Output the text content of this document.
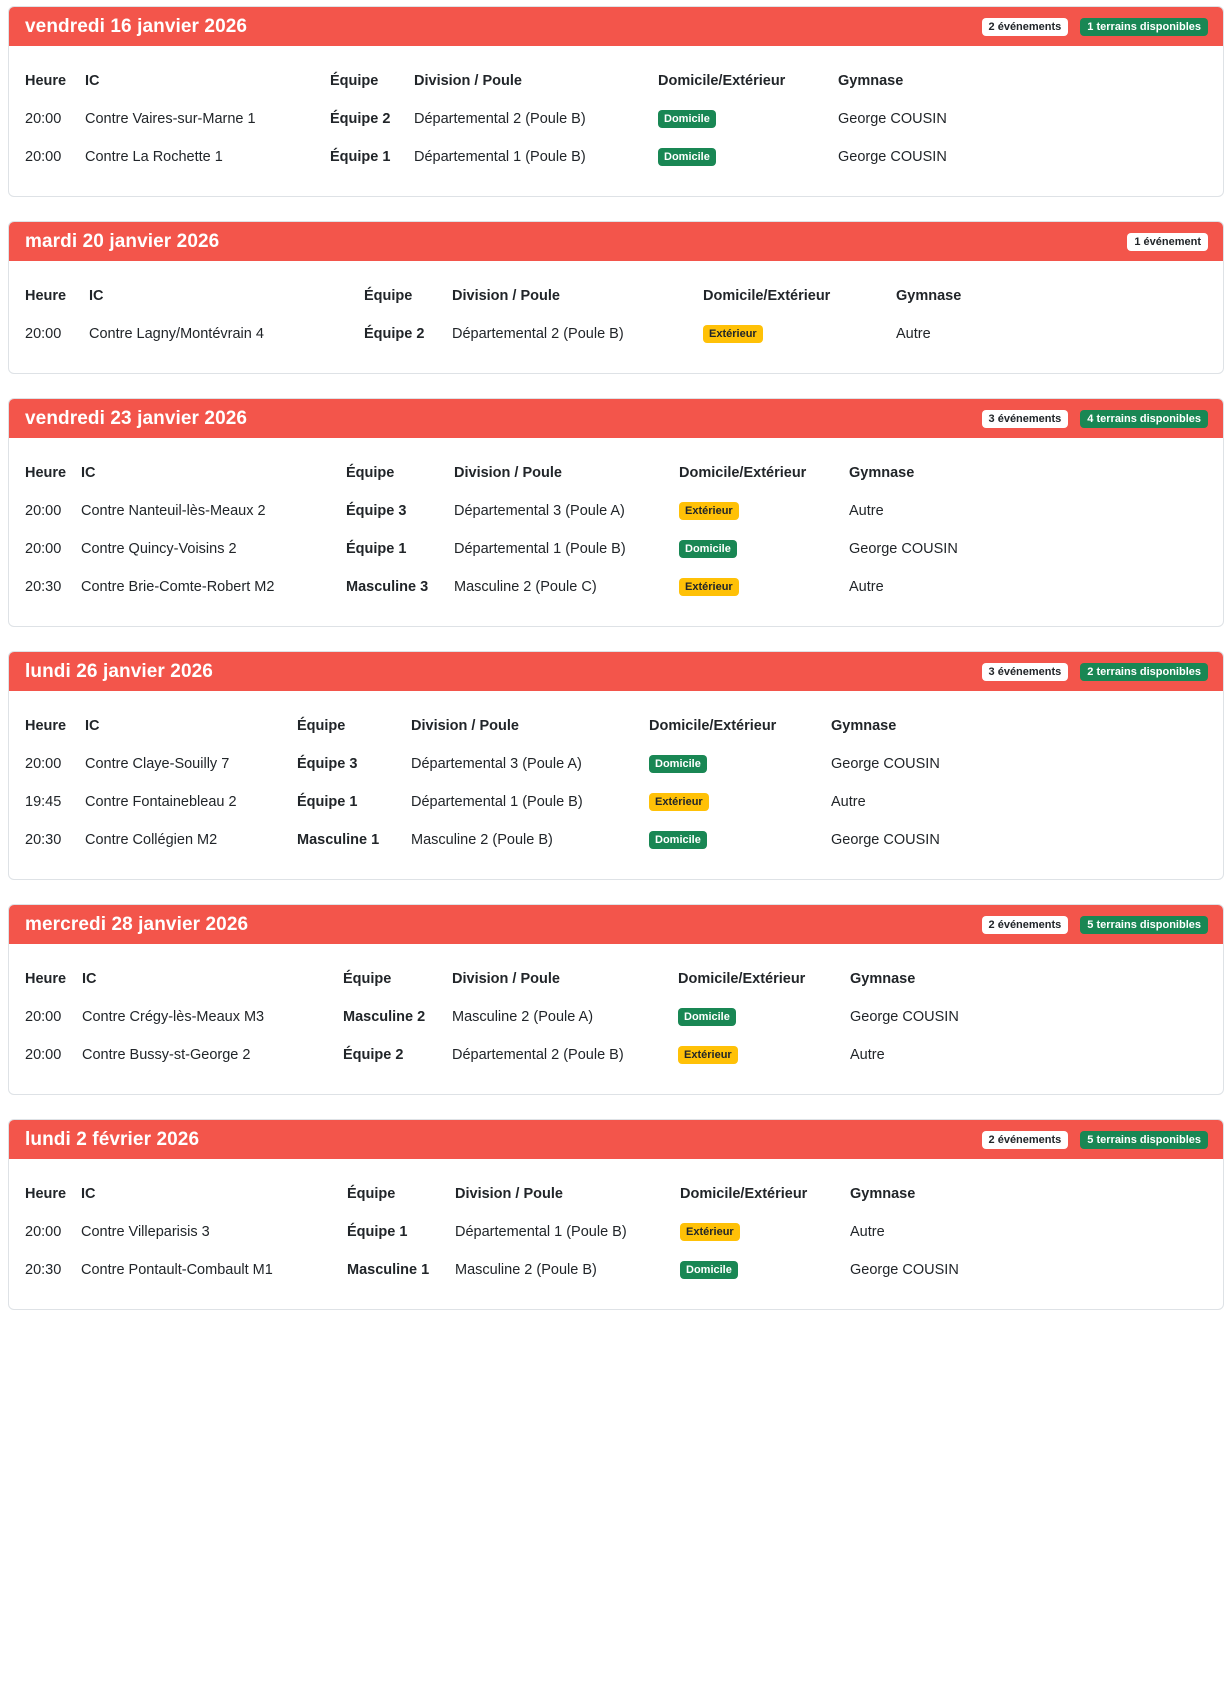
vendredi 16 janvier 2026	2 événements	1 terrains disponibles
Heure	IC	Équipe	Division / Poule	Domicile/Extérieur	Gymnase
20:00	Contre Vaires-sur-Marne 1	Équipe 2	Départemental 2 (Poule B)	Domicile	George COUSIN
20:00	Contre La Rochette 1	Équipe 1	Départemental 1 (Poule B)	Domicile	George COUSIN
mardi 20 janvier 2026	1 événement
Heure	IC	Équipe	Division / Poule	Domicile/Extérieur	Gymnase
20:00	Contre Lagny/Montévrain 4	Équipe 2	Départemental 2 (Poule B)	Extérieur	Autre
vendredi 23 janvier 2026	3 événements	4 terrains disponibles
Heure	IC	Équipe	Division / Poule	Domicile/Extérieur	Gymnase
20:00	Contre Nanteuil-lès-Meaux 2	Équipe 3	Départemental 3 (Poule A)	Extérieur	Autre
20:00	Contre Quincy-Voisins 2	Équipe 1	Départemental 1 (Poule B)	Domicile	George COUSIN
20:30	Contre Brie-Comte-Robert M2	Masculine 3	Masculine 2 (Poule C)	Extérieur	Autre
lundi 26 janvier 2026	3 événements	2 terrains disponibles
Heure	IC	Équipe	Division / Poule	Domicile/Extérieur	Gymnase
20:00	Contre Claye-Souilly 7	Équipe 3	Départemental 3 (Poule A)	Domicile	George COUSIN
19:45	Contre Fontainebleau 2	Équipe 1	Départemental 1 (Poule B)	Extérieur	Autre
20:30	Contre Collégien M2	Masculine 1	Masculine 2 (Poule B)	Domicile	George COUSIN
mercredi 28 janvier 2026	2 événements	5 terrains disponibles
Heure	IC	Équipe	Division / Poule	Domicile/Extérieur	Gymnase
20:00	Contre Crégy-lès-Meaux M3	Masculine 2	Masculine 2 (Poule A)	Domicile	George COUSIN
20:00	Contre Bussy-st-George 2	Équipe 2	Départemental 2 (Poule B)	Extérieur	Autre
lundi 2 février 2026	2 événements	5 terrains disponibles
Heure	IC	Équipe	Division / Poule	Domicile/Extérieur	Gymnase
20:00	Contre Villeparisis 3	Équipe 1	Départemental 1 (Poule B)	Extérieur	Autre
20:30	Contre Pontault-Combault M1	Masculine 1	Masculine 2 (Poule B)	Domicile	George COUSIN
